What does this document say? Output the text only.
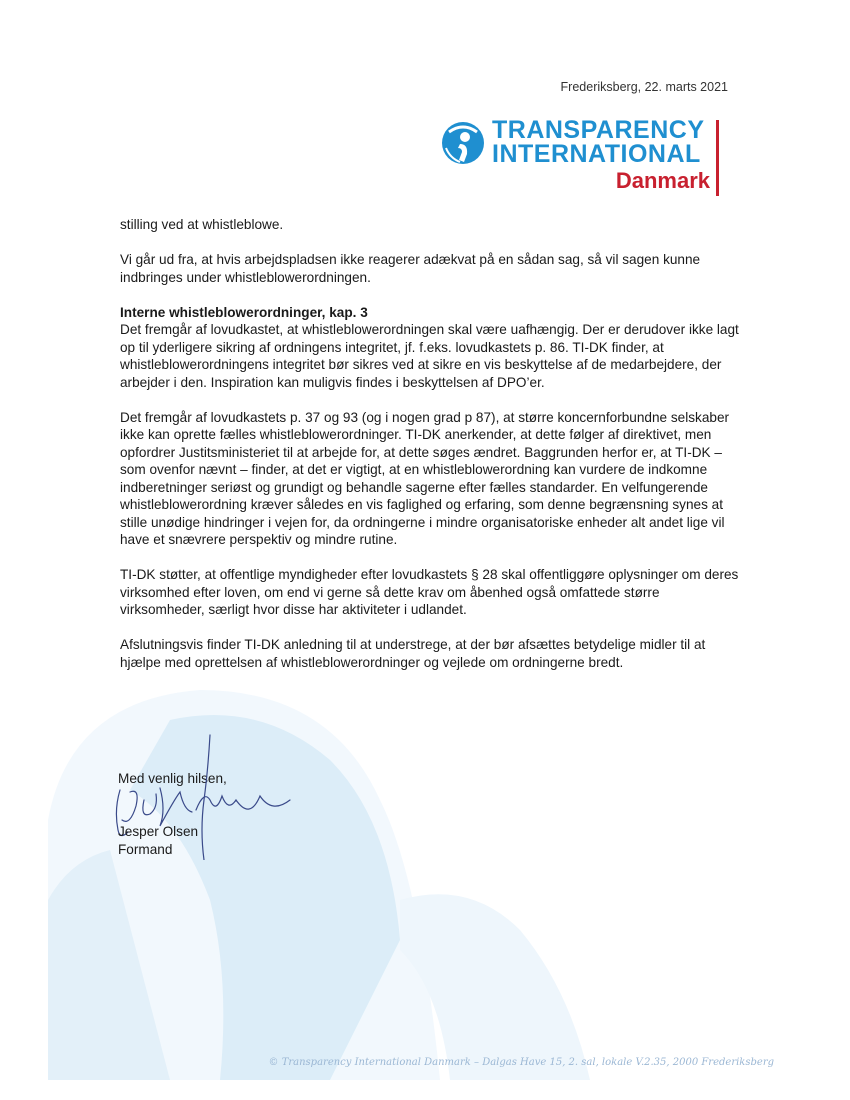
Frederiksberg, 22. marts 2021
TRANSPARENCY
INTERNATIONAL
Danmark

stilling ved at whistleblowe.

Vi går ud fra, at hvis arbejdspladsen ikke reagerer adækvat på en sådan sag, så vil sagen kunne indbringes under whistleblowerordningen.

Interne whistleblowerordninger, kap. 3

Det fremgår af lovudkastet, at whistleblowerordningen skal være uafhængig. Der er derudover ikke lagt op til yderligere sikring af ordningens integritet, jf. f.eks. lovudkastets p. 86. TI-DK finder, at whistleblowerordningens integritet bør sikres ved at sikre en vis beskyttelse af de medarbejdere, der arbejder i den. Inspiration kan muligvis findes i beskyttelsen af DPO’er.

Det fremgår af lovudkastets p. 37 og 93 (og i nogen grad p 87), at større koncernforbundne selskaber ikke kan oprette fælles whistleblowerordninger. TI-DK anerkender, at dette følger af direktivet, men opfordrer Justitsministeriet til at arbejde for, at dette søges ændret. Baggrunden herfor er, at TI-DK – som ovenfor nævnt – finder, at det er vigtigt, at en whistleblowerordning kan vurdere de indkomne indberetninger seriøst og grundigt og behandle sagerne efter fælles standarder. En velfungerende whistleblowerordning kræver således en vis faglighed og erfaring, som denne begrænsning synes at stille unødige hindringer i vejen for, da ordningerne i mindre organisatoriske enheder alt andet lige vil have et snævrere perspektiv og mindre rutine.

TI-DK støtter, at offentlige myndigheder efter lovudkastets § 28 skal offentliggøre oplysninger om deres virksomhed efter loven, om end vi gerne så dette krav om åbenhed også omfattede større virksomheder, særligt hvor disse har aktiviteter i udlandet.

Afslutningsvis finder TI-DK anledning til at understrege, at der bør afsættes betydelige midler til at hjælpe med oprettelsen af whistleblowerordninger og vejlede om ordningerne bredt.

Med venlig hilsen,
Jesper Olsen
Formand
© Transparency International Danmark – Dalgas Have 15, 2. sal, lokale V.2.35, 2000 Frederiksberg
